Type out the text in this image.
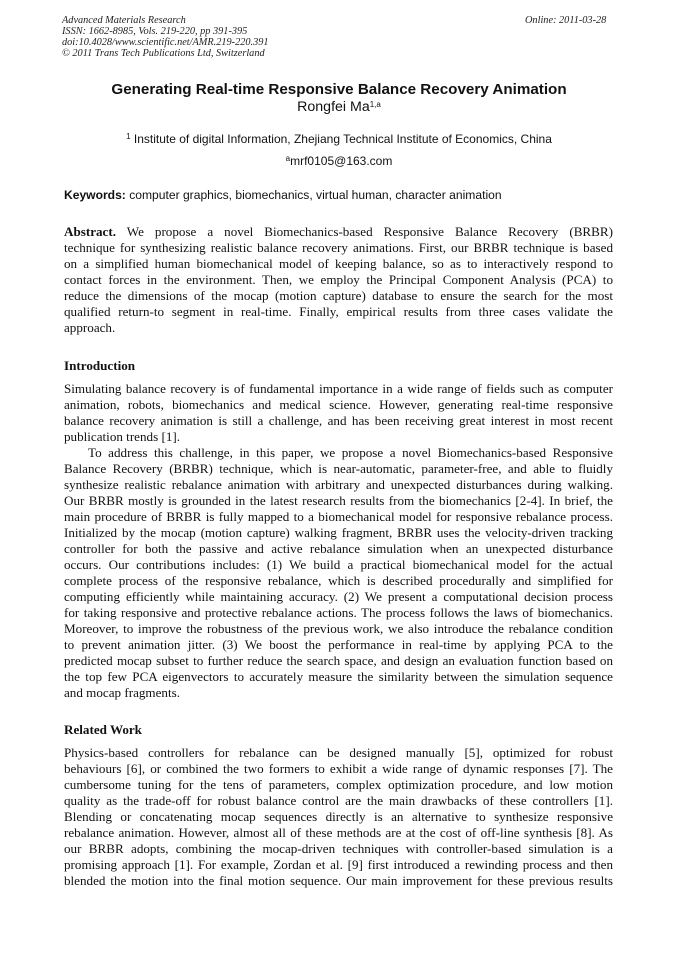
Advanced Materials Research
ISSN: 1662-8985, Vols. 219-220, pp 391-395
doi:10.4028/www.scientific.net/AMR.219-220.391
© 2011 Trans Tech Publications Ltd, Switzerland
Online: 2011-03-28
Generating Real-time Responsive Balance Recovery Animation
Rongfei Ma$^{1,a}$
$^1$ Institute of digital Information, Zhejiang Technical Institute of Economics, China
$^a$mrf0105@163.com
Keywords: computer graphics, biomechanics, virtual human, character animation
Abstract. We propose a novel Biomechanics-based Responsive Balance Recovery (BRBR)
technique for synthesizing realistic balance recovery animations. First, our BRBR technique is based
on a simplified human biomechanical model of keeping balance, so as to interactively respond to
contact forces in the environment. Then, we employ the Principal Component Analysis (PCA) to
reduce the dimensions of the mocap (motion capture) database to ensure the search for the most
qualified return-to segment in real-time. Finally, empirical results from three cases validate the
approach.
Introduction
Simulating balance recovery is of fundamental importance in a wide range of fields such as computer
animation, robots, biomechanics and medical science. However, generating real-time responsive
balance recovery animation is still a challenge, and has been receiving great interest in most recent
publication trends [1].
To address this challenge, in this paper, we propose a novel Biomechanics-based Responsive
Balance Recovery (BRBR) technique, which is near-automatic, parameter-free, and able to fluidly
synthesize realistic rebalance animation with arbitrary and unexpected disturbances during walking.
Our BRBR mostly is grounded in the latest research results from the biomechanics [2-4]. In brief, the
main procedure of BRBR is fully mapped to a biomechanical model for responsive rebalance process.
Initialized by the mocap (motion capture) walking fragment, BRBR uses the velocity-driven tracking
controller for both the passive and active rebalance simulation when an unexpected disturbance
occurs. Our contributions includes: (1) We build a practical biomechanical model for the actual
complete process of the responsive rebalance, which is described procedurally and simplified for
computing efficiently while maintaining accuracy. (2) We present a computational decision process
for taking responsive and protective rebalance actions. The process follows the laws of biomechanics.
Moreover, to improve the robustness of the previous work, we also introduce the rebalance condition
to prevent animation jitter. (3) We boost the performance in real-time by applying PCA to the
predicted mocap subset to further reduce the search space, and design an evaluation function based on
the top few PCA eigenvectors to accurately measure the similarity between the simulation sequence
and mocap fragments.
Related Work
Physics-based controllers for rebalance can be designed manually [5], optimized for robust
behaviours [6], or combined the two formers to exhibit a wide range of dynamic responses [7]. The
cumbersome tuning for the tens of parameters, complex optimization procedure, and low motion
quality as the trade-off for robust balance control are the main drawbacks of these controllers [1].
Blending or concatenating mocap sequences directly is an alternative to synthesize responsive
rebalance animation. However, almost all of these methods are at the cost of off-line synthesis [8]. As
our BRBR adopts, combining the mocap-driven techniques with controller-based simulation is a
promising approach [1]. For example, Zordan et al. [9] first introduced a rewinding process and then
blended the motion into the final motion sequence. Our main improvement for these previous results
